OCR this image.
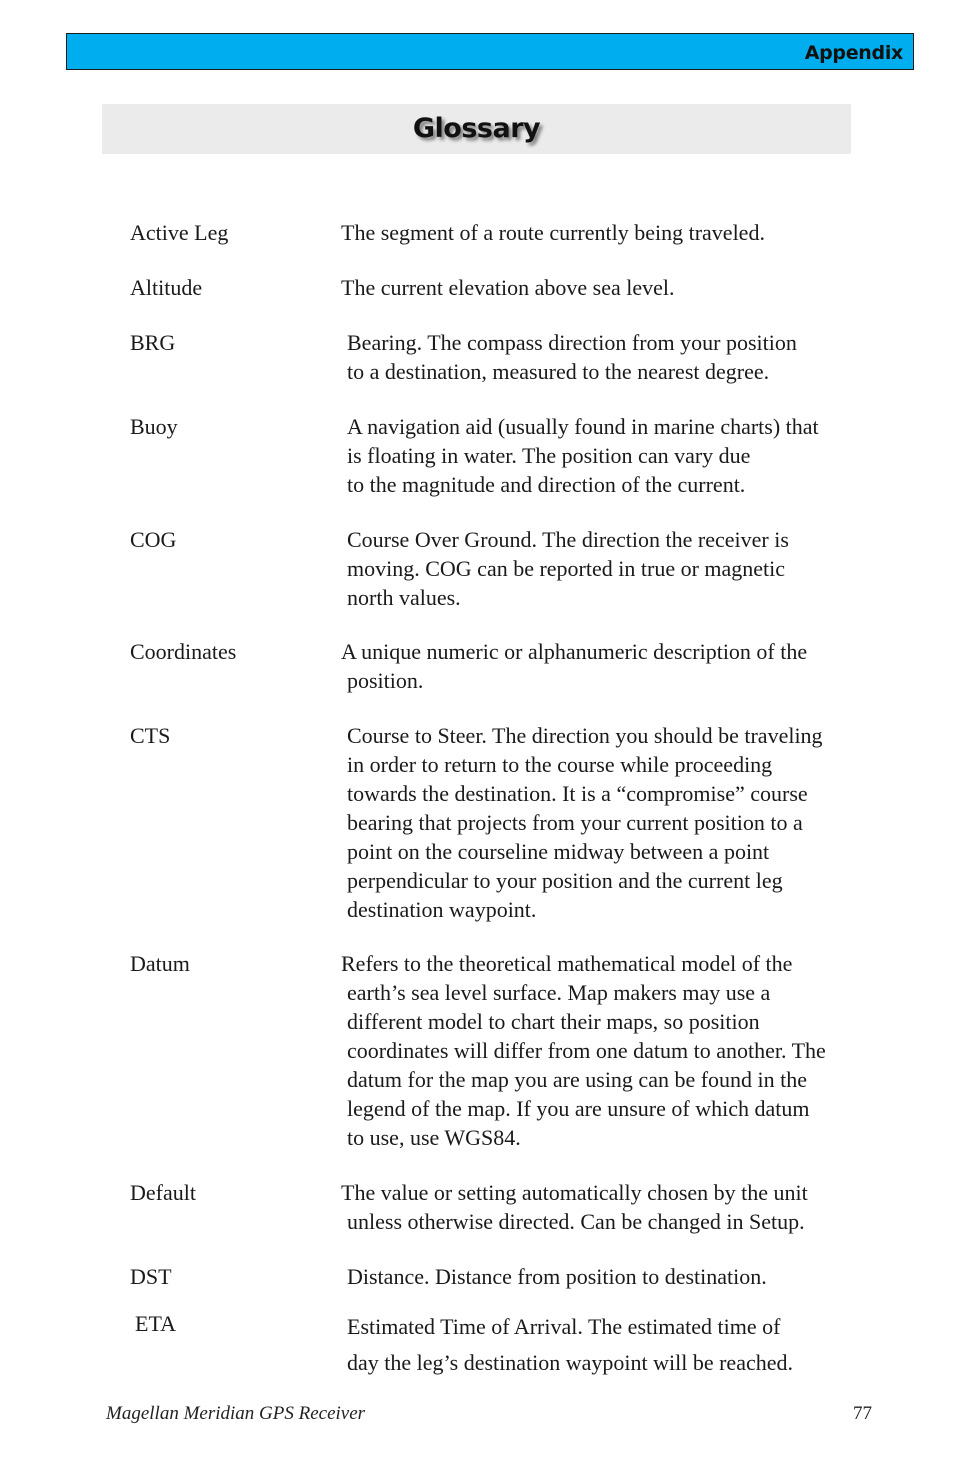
Appendix
Glossary
Active Leg	The segment of a route currently being traveled.
Altitude	The current elevation above sea level.
BRG	Bearing. The compass direction from your position
to a destination, measured to the nearest degree.
Buoy	A navigation aid (usually found in marine charts) that
is floating in water. The position can vary due
to the magnitude and direction of the current.
COG	Course Over Ground. The direction the receiver is
moving. COG can be reported in true or magnetic
north values.
Coordinates	A unique numeric or alphanumeric description of the
position.
CTS	Course to Steer. The direction you should be traveling
in order to return to the course while proceeding
towards the destination. It is a “compromise” course
bearing that projects from your current position to a
point on the courseline midway between a point
perpendicular to your position and the current leg
destination waypoint.
Datum	Refers to the theoretical mathematical model of the
earth’s sea level surface. Map makers may use a
different model to chart their maps, so position
coordinates will differ from one datum to another. The
datum for the map you are using can be found in the
legend of the map. If you are unsure of which datum
to use, use WGS84.
Default	The value or setting automatically chosen by the unit
unless otherwise directed. Can be changed in Setup.
DST	Distance. Distance from position to destination.
ETA	Estimated Time of Arrival. The estimated time of
day the leg’s destination waypoint will be reached.
Magellan Meridian GPS Receiver	77
